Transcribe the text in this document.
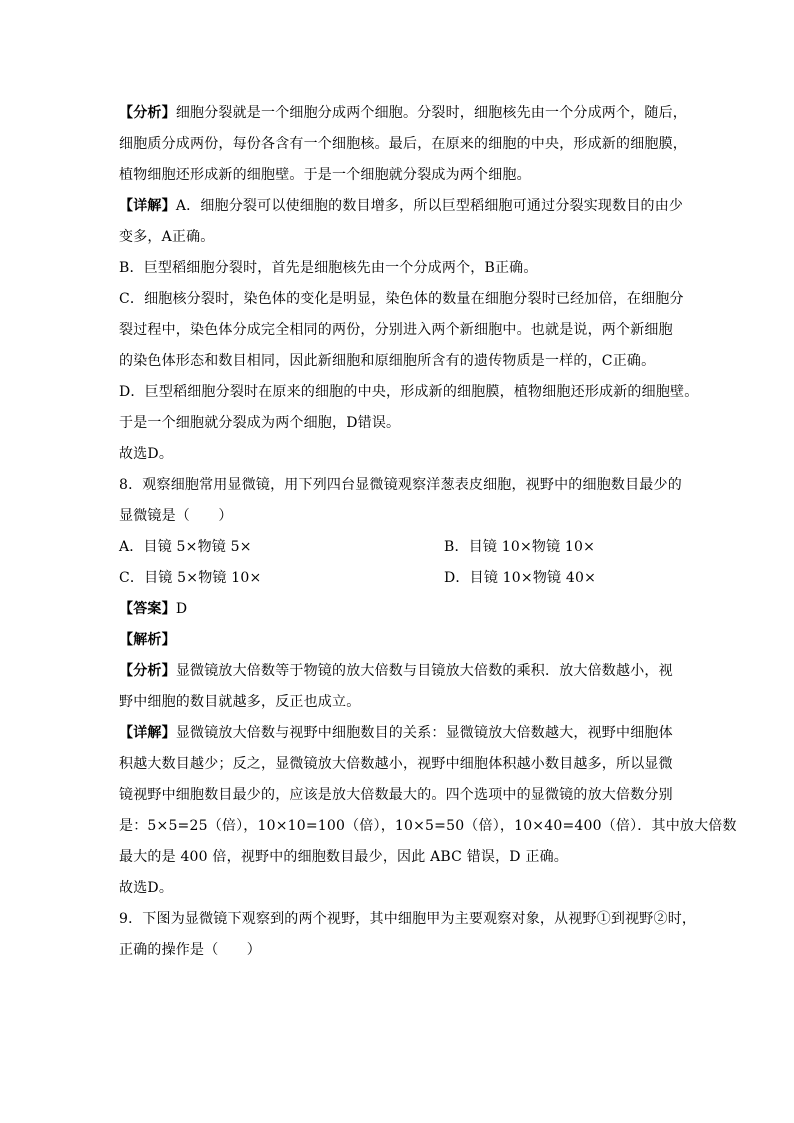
【分析】细胞分裂就是一个细胞分成两个细胞。分裂时，细胞核先由一个分成两个，随后，
细胞质分成两份，每份各含有一个细胞核。最后，在原来的细胞的中央，形成新的细胞膜，
植物细胞还形成新的细胞壁。于是一个细胞就分裂成为两个细胞。
【详解】A．细胞分裂可以使细胞的数目增多，所以巨型稻细胞可通过分裂实现数目的由少
变多，A正确。
B．巨型稻细胞分裂时，首先是细胞核先由一个分成两个，B正确。
C．细胞核分裂时，染色体的变化是明显，染色体的数量在细胞分裂时已经加倍，在细胞分
裂过程中，染色体分成完全相同的两份，分别进入两个新细胞中。也就是说，两个新细胞
的染色体形态和数目相同，因此新细胞和原细胞所含有的遗传物质是一样的，C正确。
D．巨型稻细胞分裂时在原来的细胞的中央，形成新的细胞膜，植物细胞还形成新的细胞壁。
于是一个细胞就分裂成为两个细胞，D错误。
故选D。
8．观察细胞常用显微镜，用下列四台显微镜观察洋葱表皮细胞，视野中的细胞数目最少的
显微镜是（　　）
A．目镜 5×物镜 5×	B．目镜 10×物镜 10×
C．目镜 5×物镜 10×	D．目镜 10×物镜 40×
【答案】D
【解析】
【分析】显微镜放大倍数等于物镜的放大倍数与目镜放大倍数的乘积．放大倍数越小，视
野中细胞的数目就越多，反正也成立。
【详解】显微镜放大倍数与视野中细胞数目的关系：显微镜放大倍数越大，视野中细胞体
积越大数目越少；反之，显微镜放大倍数越小，视野中细胞体积越小数目越多，所以显微
镜视野中细胞数目最少的，应该是放大倍数最大的。四个选项中的显微镜的放大倍数分别
是：5×5=25（倍），10×10=100（倍），10×5=50（倍），10×40=400（倍）．其中放大倍数
最大的是 400 倍，视野中的细胞数目最少，因此 ABC 错误，D 正确。
故选D。
9．下图为显微镜下观察到的两个视野，其中细胞甲为主要观察对象，从视野①到视野②时，
正确的操作是（　　）
